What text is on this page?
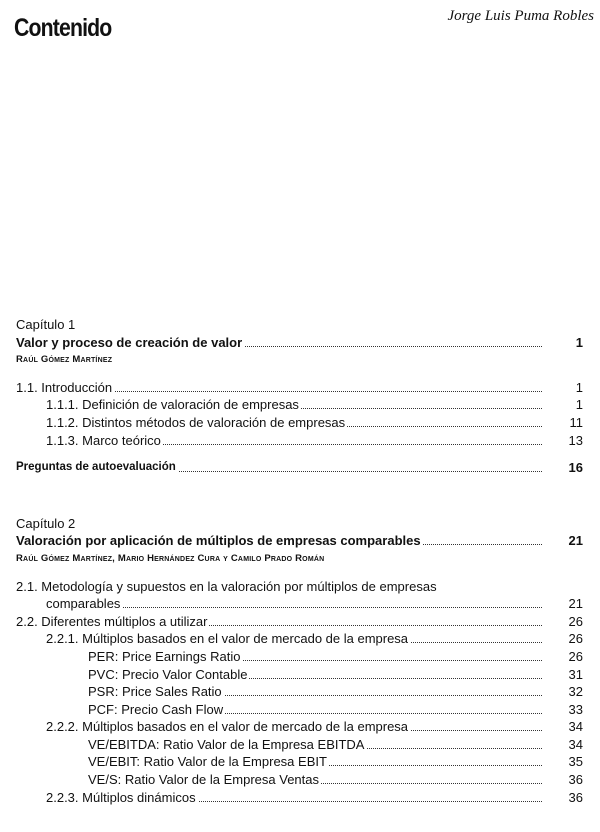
Contenido	Jorge Luis Puma Robles
Capítulo 1
Valor y proceso de creación de valor	1
Raúl Gómez Martínez
1.1. Introducción	1
1.1.1. Definición de valoración de empresas	1
1.1.2. Distintos métodos de valoración de empresas	11
1.1.3. Marco teórico	13
Preguntas de autoevaluación	16
Capítulo 2
Valoración por aplicación de múltiplos de empresas comparables	21
Raúl Gómez Martínez, Mario Hernández Cura y Camilo Prado Román
2.1. Metodología y supuestos en la valoración por múltiplos de empresas
comparables	21
2.2. Diferentes múltiplos a utilizar	26
2.2.1. Múltiplos basados en el valor de mercado de la empresa	26
PER: Price Earnings Ratio	26
PVC: Precio Valor Contable	31
PSR: Price Sales Ratio	32
PCF: Precio Cash Flow	33
2.2.2. Múltiplos basados en el valor de mercado de la empresa	34
VE/EBITDA: Ratio Valor de la Empresa EBITDA	34
VE/EBIT: Ratio Valor de la Empresa EBIT	35
VE/S: Ratio Valor de la Empresa Ventas	36
2.2.3. Múltiplos dinámicos	36
